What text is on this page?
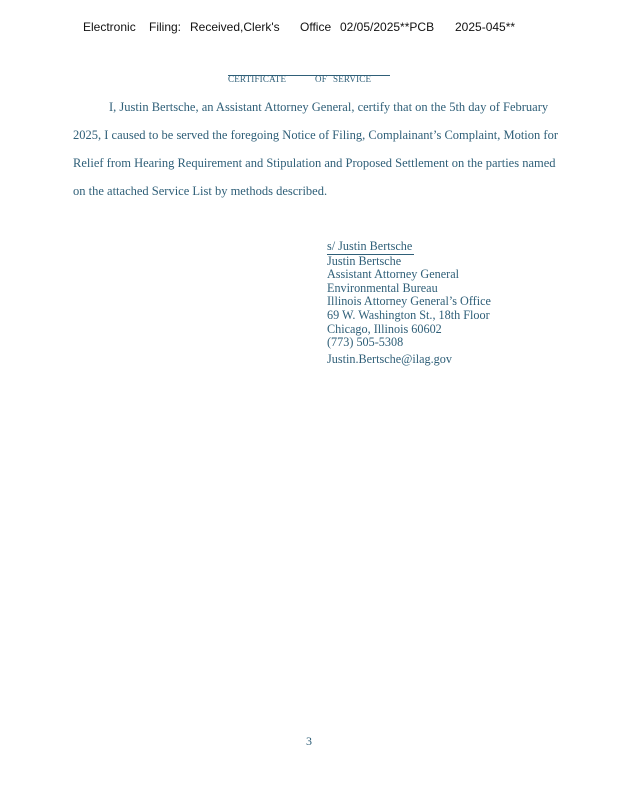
Electronic Filing: Received,Clerk's Office 02/05/2025**PCB 2025-045**
CERTIFICATE	OF SERVICE
I, Justin Bertsche, an Assistant Attorney General, certify that on the 5th day of February
2025, I caused to be served the foregoing Notice of Filing, Complainant’s Complaint, Motion for
Relief from Hearing Requirement and Stipulation and Proposed Settlement on the parties named
on the attached Service List by methods described.
s/ Justin Bertsche
Justin Bertsche
Assistant Attorney General
Environmental Bureau
Illinois Attorney General’s Office
69 W. Washington St., 18th Floor
Chicago, Illinois 60602
(773) 505-5308
Justin.Bertsche@ilag.gov
3
